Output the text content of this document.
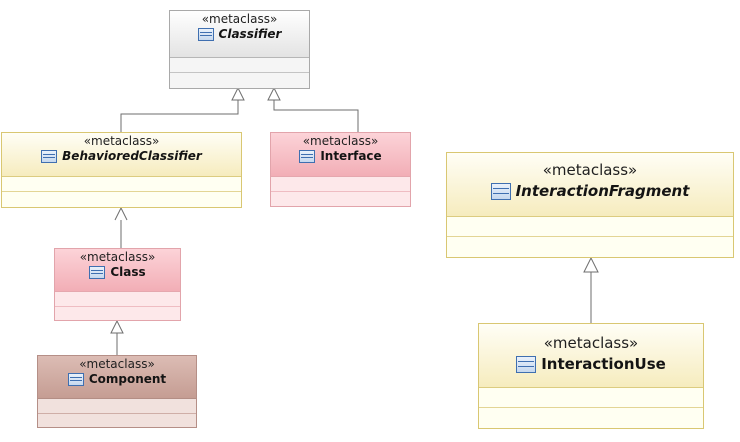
«metaclass»
Classifier
«metaclass»
BehavioredClassifier
«metaclass»
Interface
«metaclass»
Class
«metaclass»
Component
«metaclass»
InteractionFragment
«metaclass»
InteractionUse
